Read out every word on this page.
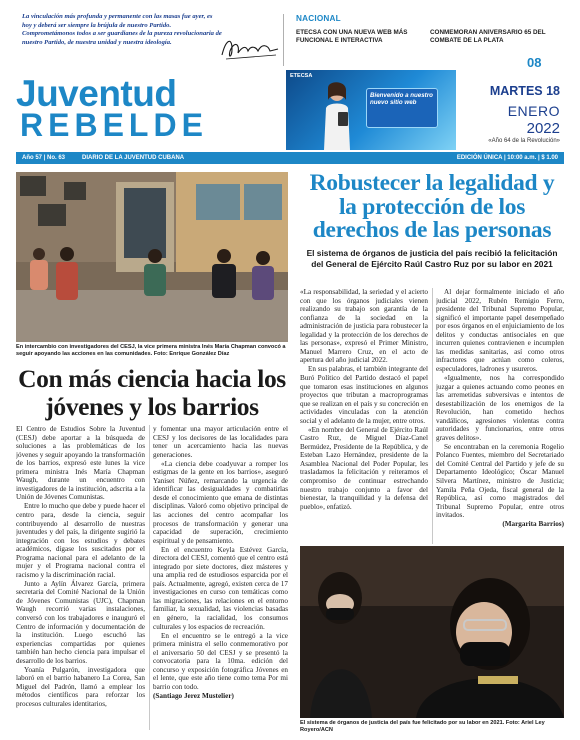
La vinculación más profunda y permanente con las masas fue ayer, es hoy y deberá ser siempre la brújula de nuestro Partido. Comprometámonos todos a ser guardianes de la pureza revolucionaria de nuestro Partido, de nuestra unidad y nuestra ideología.
NACIONAL
ETECSA CON UNA NUEVA WEB MÁS FUNCIONAL E INTERACTIVA
CONMEMORAN ANIVERSARIO 65 DEL COMBATE DE LA PLATA
08
Juventud
REBELDE
ETECSA
Bienvenido a nuestro nuevo sitio web
MARTES 18
ENERO
2022
«Año 64 de la Revolución»
Año 57 | No. 63	DIARIO DE LA JUVENTUD CUBANA	EDICIÓN ÚNICA | 10:00 a.m. | $ 1.00
En intercambio con investigadores del CESJ, la vice primera ministra Inés María Chapman convocó a seguir apoyando las acciones en las comunidades. Foto: Enrique González Díaz
Con más ciencia hacia los jóvenes y los barrios

El Centro de Estudios Sobre la Juventud (CESJ) debe aportar a la búsqueda de soluciones a las problemáticas de los jóvenes y seguir apoyando la transformación de los barrios, expresó este lunes la vice primera ministra Inés María Chapman Waugh, durante un encuentro con investigadores de la institución, adscrita a la Unión de Jóvenes Comunistas.

Entre lo mucho que debe y puede hacer el centro para, desde la ciencia, seguir contribuyendo al desarrollo de nuestras juventudes y del país, la dirigente sugirió la integración con los estudios y debates académicos, dígase los suscitados por el Programa nacional para el adelanto de la mujer y el Programa nacional contra el racismo y la discriminación racial.

Junto a Aylín Álvarez García, primera secretaria del Comité Nacional de la Unión de Jóvenes Comunistas (UJC), Chapman Waugh recorrió varias instalaciones, conversó con los trabajadores e inauguró el Centro de información y documentación de la institución. Luego escuchó las experiencias compartidas por quienes también han hecho ciencia para impulsar el desarrollo de los barrios.

Yoanía Pulgarón, investigadora que laboró en el barrio habanero La Corea, San Miguel del Padrón, llamó a emplear los métodos científicos para reforzar los procesos culturales identitarios,

y fomentar una mayor articulación entre el CESJ y los decisores de las localidades para tener un acercamiento hacia las nuevas generaciones.

«La ciencia debe coadyuvar a romper los estigmas de la gente en los barrios», aseguró Yaniset Núñez, remarcando la urgencia de identificar las desigualdades y combatirlas desde el conocimiento que emana de distintas disciplinas. Valoró como objetivo principal de las acciones del centro acompañar los procesos de transformación y generar una capacidad de superación, crecimiento espiritual y de pensamiento.

En el encuentro Keyla Estévez García, directora del CESJ, comentó que el centro está integrado por siete doctores, diez másteres y una amplia red de estudiosos esparcida por el país. Actualmente, agregó, existen cerca de 17 investigaciones en curso con temáticas como las migraciones, las relaciones en el entorno familiar, la sexualidad, las violencias basadas en género, la racialidad, los consumos culturales y los espacios de recreación.

En el encuentro se le entregó a la vice primera ministra el sello conmemorativo por el aniversario 50 del CESJ y se presentó la convocatoria para la 10ma. edición del concurso y exposición fotográfica Jóvenes en el lente, que este año tiene como tema Por mi barrio con todo.

(Santiago Jerez Mustelier)

Robustecer la legalidad y la protección de los derechos de las personas
El sistema de órganos de justicia del país recibió la felicitación del General de Ejército Raúl Castro Ruz por su labor en 2021

«La responsabilidad, la seriedad y el acierto con que los órganos judiciales vienen realizando su trabajo son garantía de la confianza de la sociedad en la administración de justicia para robustecer la legalidad y la protección de los derechos de las personas», expresó el Primer Ministro, Manuel Marrero Cruz, en el acto de apertura del año judicial 2022.

En sus palabras, el también integrante del Buró Político del Partido destacó el papel que tomaron esas instituciones en algunos proyectos que tributan a macroprogramas que se realizan en el país y su concreción en actividades vinculadas con la atención social y el adelanto de la mujer, entre otros.

«En nombre del General de Ejército Raúl Castro Ruz, de Miguel Díaz-Canel Bermúdez, Presidente de la República, y de Esteban Lazo Hernández, presidente de la Asamblea Nacional del Poder Popular, les trasladamos la felicitación y reiteramos el compromiso de continuar estrechando nuestro trabajo conjunto a favor del bienestar, la tranquilidad y la defensa del pueblo», enfatizó.

Al dejar formalmente iniciado el año judicial 2022, Rubén Remigio Ferro, presidente del Tribunal Supremo Popular, significó el importante papel desempeñado por esos órganos en el enjuiciamiento de los delitos y conductas antisociales en que incurren quienes contravienen e incumplen las medidas sanitarias, así como otros infractores que actúan como coleros, especuladores, ladrones y usureros.

«Igualmente, nos ha correspondido juzgar a quienes actuando como peones en las arremetidas subversivas e intentos de desestabilización de los enemigos de la Revolución, han cometido hechos vandálicos, agresiones violentas contra autoridades y funcionarios, entre otros graves delitos».

Se encontraban en la ceremonia Rogelio Polanco Fuentes, miembro del Secretariado del Comité Central del Partido y jefe de su Departamento Ideológico; Óscar Manuel Silvera Martínez, ministro de Justicia; Yamila Peña Ojeda, fiscal general de la República, así como magistrados del Tribunal Supremo Popular, entre otros invitados.

(Margarita Barrios)

El sistema de órganos de justicia del país fue felicitado por su labor en 2021. Foto: Ariel Ley Royero/ACN
